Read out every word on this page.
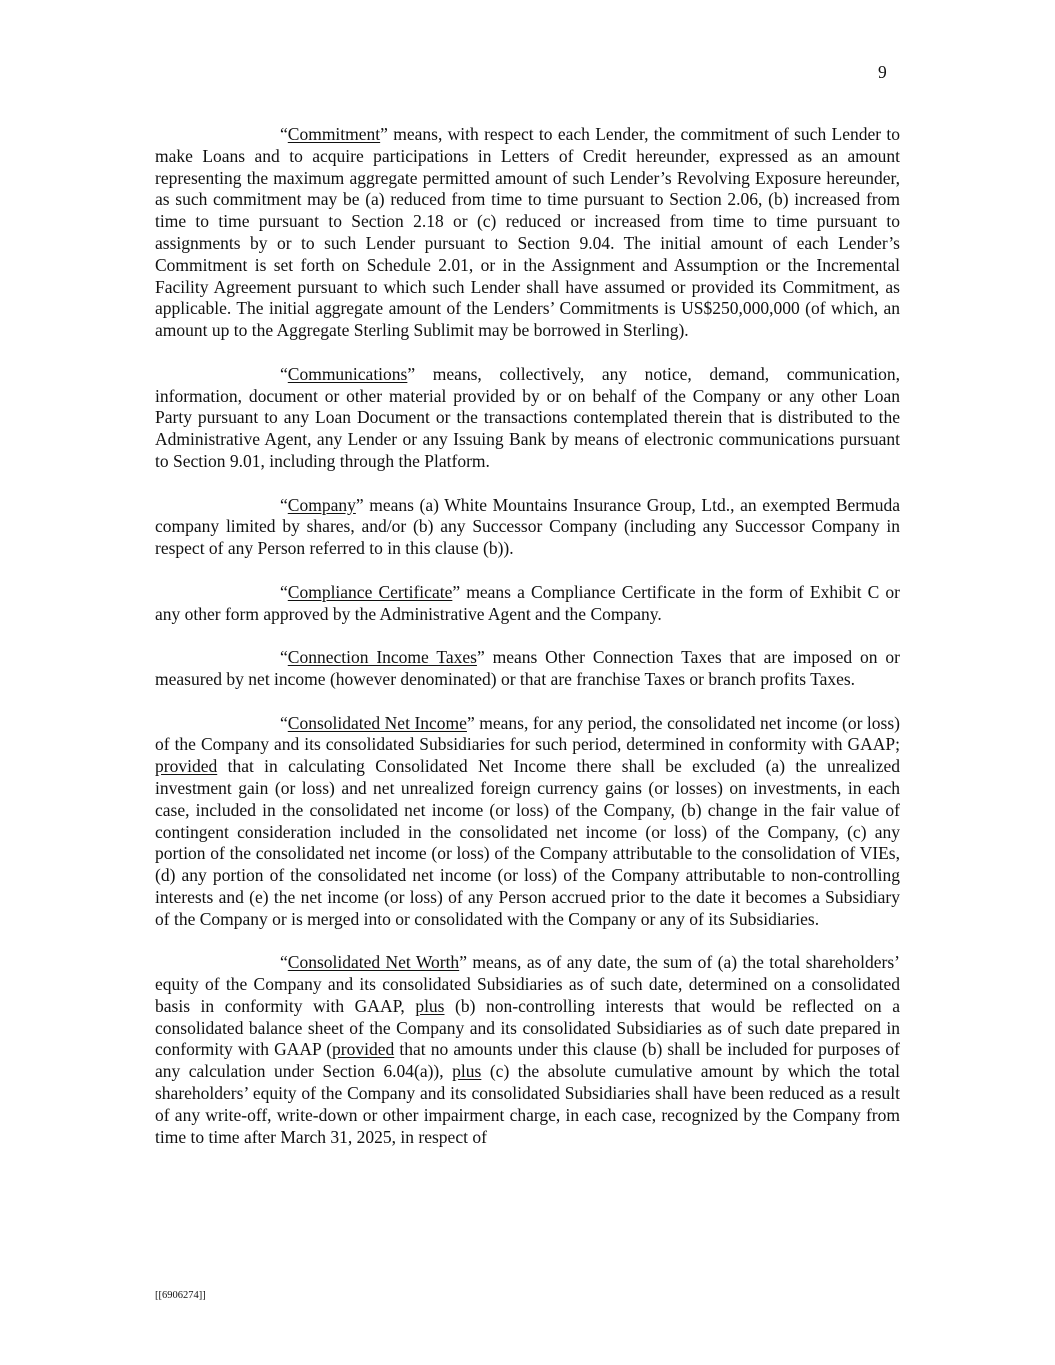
9

“Commitment” means, with respect to each Lender, the commitment of such Lender to make Loans and to acquire participations in Letters of Credit hereunder, expressed as an amount representing the maximum aggregate permitted amount of such Lender’s Revolving Exposure hereunder, as such commitment may be (a) reduced from time to time pursuant to Section 2.06, (b) increased from time to time pursuant to Section 2.18 or (c) reduced or increased from time to time pursuant to assignments by or to such Lender pursuant to Section 9.04. The initial amount of each Lender’s Commitment is set forth on Schedule 2.01, or in the Assignment and Assumption or the Incremental Facility Agreement pursuant to which such Lender shall have assumed or provided its Commitment, as applicable. The initial aggregate amount of the Lenders’ Commitments is US$250,000,000 (of which, an amount up to the Aggregate Sterling Sublimit may be borrowed in Sterling).

“Communications” means, collectively, any notice, demand, communication, information, document or other material provided by or on behalf of the Company or any other Loan Party pursuant to any Loan Document or the transactions contemplated therein that is distributed to the Administrative Agent, any Lender or any Issuing Bank by means of electronic communications pursuant to Section 9.01, including through the Platform.

“Company” means (a) White Mountains Insurance Group, Ltd., an exempted Bermuda company limited by shares, and/or (b) any Successor Company (including any Successor Company in respect of any Person referred to in this clause (b)).

“Compliance Certificate” means a Compliance Certificate in the form of Exhibit C or any other form approved by the Administrative Agent and the Company.

“Connection Income Taxes” means Other Connection Taxes that are imposed on or measured by net income (however denominated) or that are franchise Taxes or branch profits Taxes.

“Consolidated Net Income” means, for any period, the consolidated net income (or loss) of the Company and its consolidated Subsidiaries for such period, determined in conformity with GAAP; provided that in calculating Consolidated Net Income there shall be excluded (a) the unrealized investment gain (or loss) and net unrealized foreign currency gains (or losses) on investments, in each case, included in the consolidated net income (or loss) of the Company, (b) change in the fair value of contingent consideration included in the consolidated net income (or loss) of the Company, (c) any portion of the consolidated net income (or loss) of the Company attributable to the consolidation of VIEs, (d) any portion of the consolidated net income (or loss) of the Company attributable to non-controlling interests and (e) the net income (or loss) of any Person accrued prior to the date it becomes a Subsidiary of the Company or is merged into or consolidated with the Company or any of its Subsidiaries.

“Consolidated Net Worth” means, as of any date, the sum of (a) the total shareholders’ equity of the Company and its consolidated Subsidiaries as of such date, determined on a consolidated basis in conformity with GAAP, plus (b) non-controlling interests that would be reflected on a consolidated balance sheet of the Company and its consolidated Subsidiaries as of such date prepared in conformity with GAAP (provided that no amounts under this clause (b) shall be included for purposes of any calculation under Section 6.04(a)), plus (c) the absolute cumulative amount by which the total shareholders’ equity of the Company and its consolidated Subsidiaries shall have been reduced as a result of any write-off, write-down or other impairment charge, in each case, recognized by the Company from time to time after March 31, 2025, in respect of

[[6906274]]
